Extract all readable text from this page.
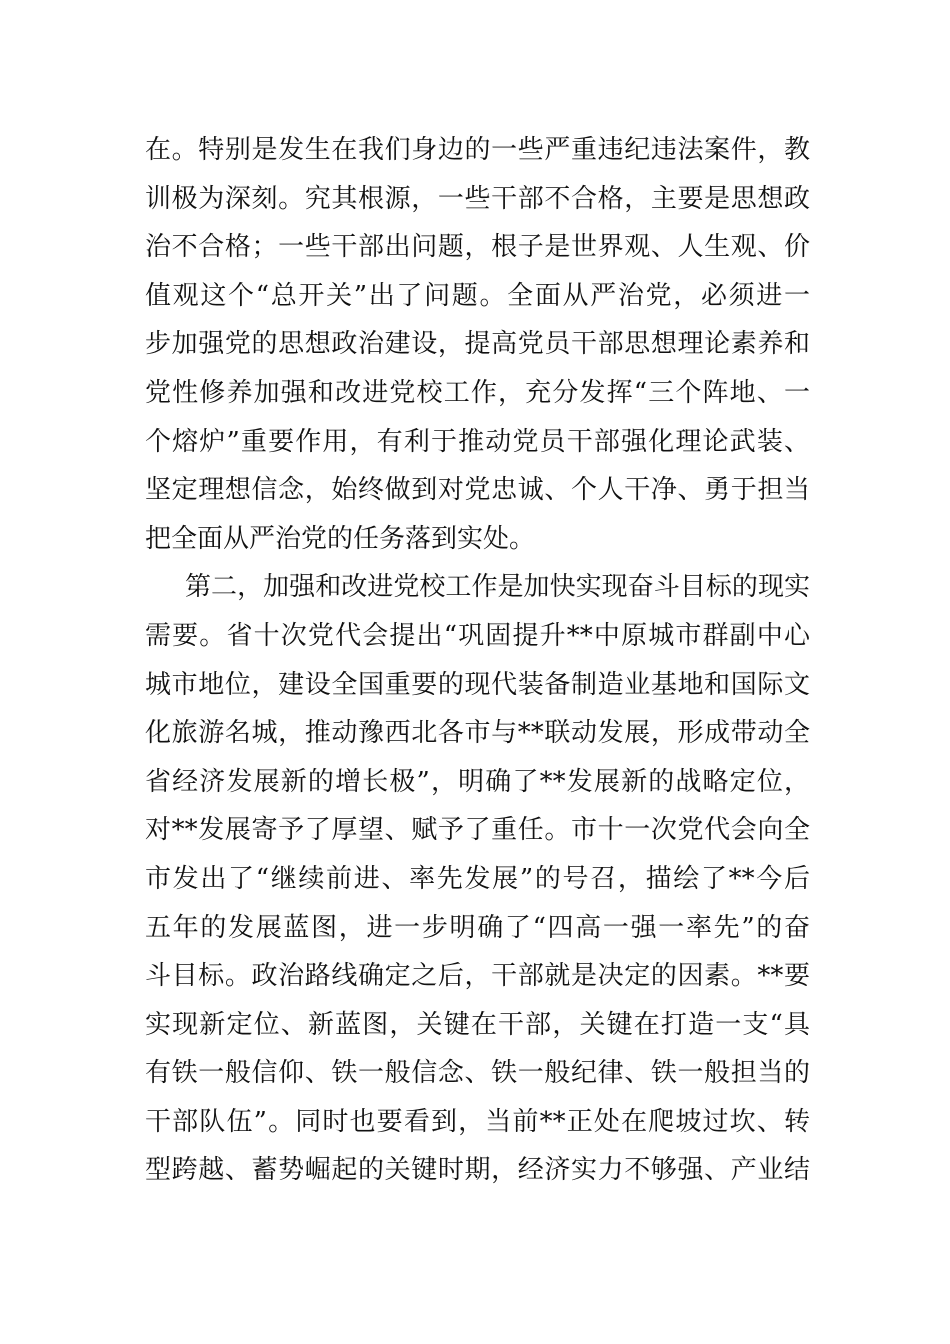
在。特别是发生在我们身边的一些严重违纪违法案件，教
训极为深刻。究其根源，一些干部不合格，主要是思想政
治不合格；一些干部出问题，根子是世界观、人生观、价
值观这个“总开关”出了问题。全面从严治党，必须进一
步加强党的思想政治建设，提高党员干部思想理论素养和
党性修养加强和改进党校工作，充分发挥“三个阵地、一
个熔炉”重要作用，有利于推动党员干部强化理论武装、
坚定理想信念，始终做到对党忠诚、个人干净、勇于担当
把全面从严治党的任务落到实处。
第二，加强和改进党校工作是加快实现奋斗目标的现实
需要。省十次党代会提出“巩固提升**中原城市群副中心
城市地位，建设全国重要的现代装备制造业基地和国际文
化旅游名城，推动豫西北各市与**联动发展，形成带动全
省经济发展新的增长极”，明确了**发展新的战略定位，
对**发展寄予了厚望、赋予了重任。市十一次党代会向全
市发出了“继续前进、率先发展”的号召，描绘了**今后
五年的发展蓝图，进一步明确了“四高一强一率先”的奋
斗目标。政治路线确定之后，干部就是决定的因素。**要
实现新定位、新蓝图，关键在干部，关键在打造一支“具
有铁一般信仰、铁一般信念、铁一般纪律、铁一般担当的
干部队伍”。同时也要看到，当前**正处在爬坡过坎、转
型跨越、蓄势崛起的关键时期，经济实力不够强、产业结
